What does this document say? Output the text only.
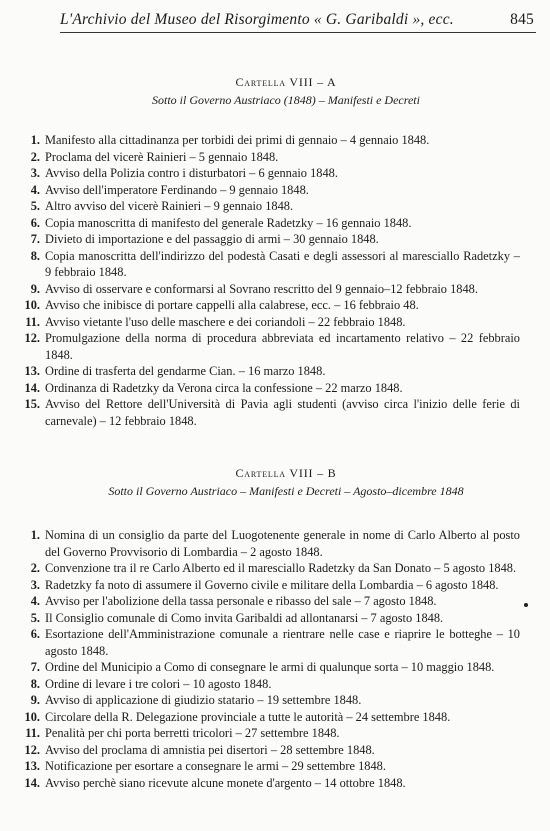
L'Archivio del Museo del Risorgimento « G. Garibaldi », ecc.	845
Cartella VIII – A
Sotto il Governo Austriaco (1848) – Manifesti e Decreti
1. Manifesto alla cittadinanza per torbidi dei primi di gennaio – 4 gennaio 1848.
2. Proclama del vicerè Rainieri – 5 gennaio 1848.
3. Avviso della Polizia contro i disturbatori – 6 gennaio 1848.
4. Avviso dell'imperatore Ferdinando – 9 gennaio 1848.
5. Altro avviso del vicerè Rainieri – 9 gennaio 1848.
6. Copia manoscritta di manifesto del generale Radetzky – 16 gennaio 1848.
7. Divieto di importazione e del passaggio di armi – 30 gennaio 1848.
8. Copia manoscritta dell'indirizzo del podestà Casati e degli assessori al maresciallo Radetzky – 9 febbraio 1848.
9. Avviso di osservare e conformarsi al Sovrano rescritto del 9 gennaio–12 febbraio 1848.
10. Avviso che inibisce di portare cappelli alla calabrese, ecc. – 16 febbraio 48.
11. Avviso vietante l'uso delle maschere e dei coriandoli – 22 febbraio 1848.
12. Promulgazione della norma di procedura abbreviata ed incartamento relativo – 22 febbraio 1848.
13. Ordine di trasferta del gendarme Cian. – 16 marzo 1848.
14. Ordinanza di Radetzky da Verona circa la confessione – 22 marzo 1848.
15. Avviso del Rettore dell'Università di Pavia agli studenti (avviso circa l'inizio delle ferie di carnevale) – 12 febbraio 1848.
Cartella VIII – B
Sotto il Governo Austriaco – Manifesti e Decreti – Agosto–dicembre 1848
1. Nomina di un consiglio da parte del Luogotenente generale in nome di Carlo Alberto al posto del Governo Provvisorio di Lombardia – 2 agosto 1848.
2. Convenzione tra il re Carlo Alberto ed il maresciallo Radetzky da San Donato – 5 agosto 1848.
3. Radetzky fa noto di assumere il Governo civile e militare della Lombardia – 6 agosto 1848.
4. Avviso per l'abolizione della tassa personale e ribasso del sale – 7 agosto 1848.
5. Il Consiglio comunale di Como invita Garibaldi ad allontanarsi – 7 agosto 1848.
6. Esortazione dell'Amministrazione comunale a rientrare nelle case e riaprire le botteghe – 10 agosto 1848.
7. Ordine del Municipio a Como di consegnare le armi di qualunque sorta – 10 maggio 1848.
8. Ordine di levare i tre colori – 10 agosto 1848.
9. Avviso di applicazione di giudizio statario – 19 settembre 1848.
10. Circolare della R. Delegazione provinciale a tutte le autorità – 24 settembre 1848.
11. Penalità per chi porta berretti tricolori – 27 settembre 1848.
12. Avviso del proclama di amnistia pei disertori – 28 settembre 1848.
13. Notificazione per esortare a consegnare le armi – 29 settembre 1848.
14. Avviso perchè siano ricevute alcune monete d'argento – 14 ottobre 1848.
